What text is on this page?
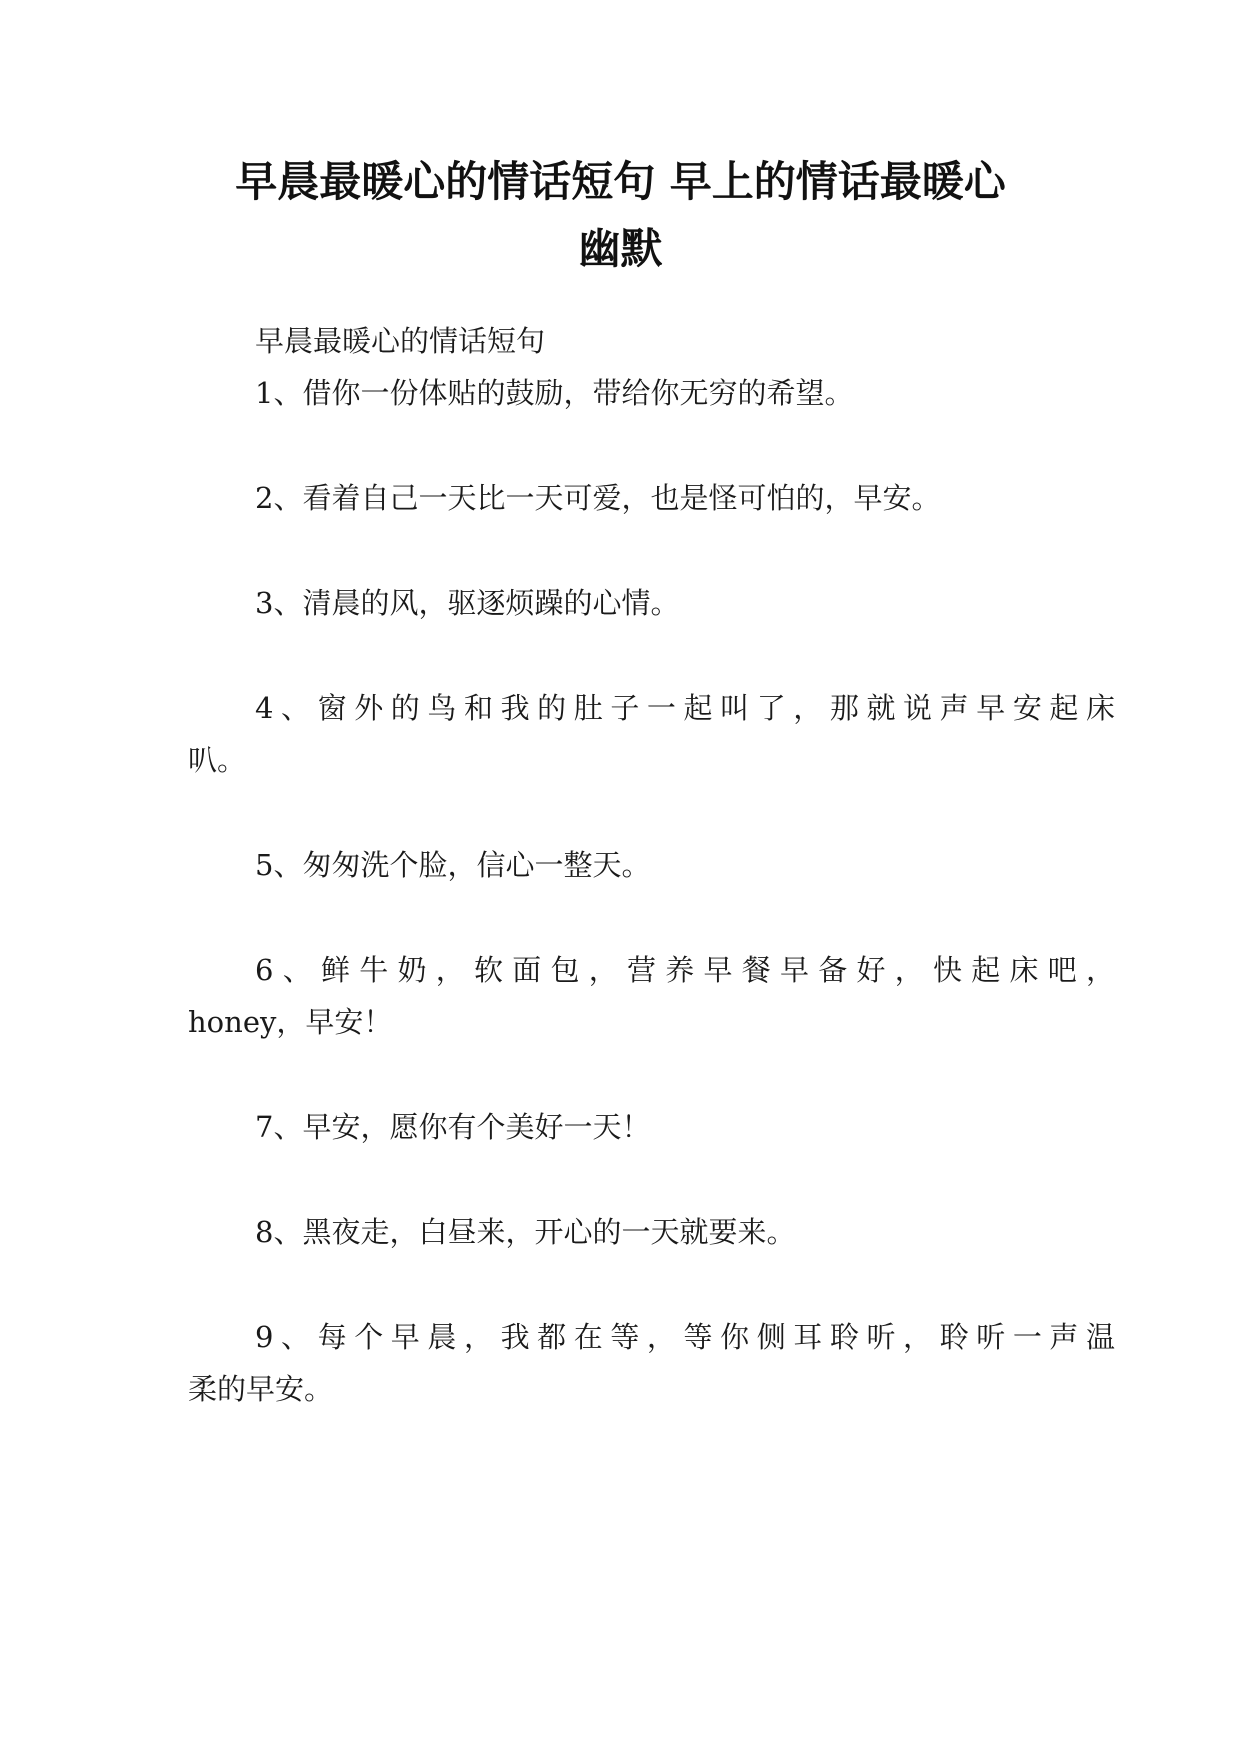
早晨最暖心的情话短句 早上的情话最暖心
幽默
早晨最暖心的情话短句
1、借你一份体贴的鼓励，带给你无穷的希望。
2、看着自己一天比一天可爱，也是怪可怕的，早安。
3、清晨的风，驱逐烦躁的心情。
4、窗外的鸟和我的肚子一起叫了，那就说声早安起床
叭。
5、匆匆洗个脸，信心一整天。
6、鲜牛奶，软面包，营养早餐早备好，快起床吧，
honey，早安！
7、早安，愿你有个美好一天！
8、黑夜走，白昼来，开心的一天就要来。
9、每个早晨，我都在等，等你侧耳聆听，聆听一声温
柔的早安。
